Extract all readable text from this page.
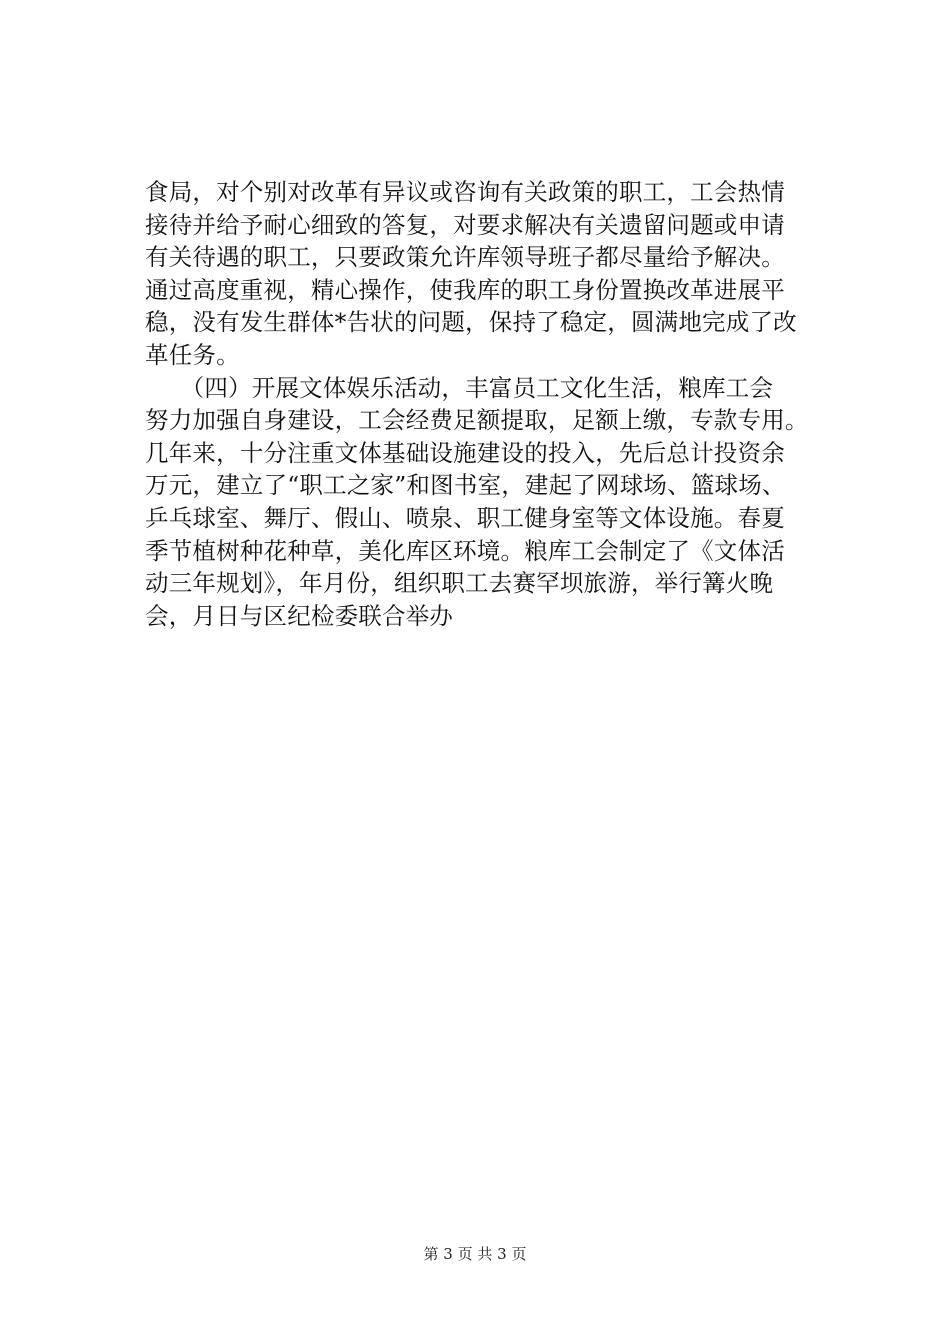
食局，对个别对改革有异议或咨询有关政策的职工，工会热情
接待并给予耐心细致的答复，对要求解决有关遗留问题或申请
有关待遇的职工，只要政策允许库领导班子都尽量给予解决。
通过高度重视，精心操作，使我库的职工身份置换改革进展平
稳，没有发生群体*告状的问题，保持了稳定，圆满地完成了改
革任务。
　　（四）开展文体娱乐活动，丰富员工文化生活，粮库工会
努力加强自身建设，工会经费足额提取，足额上缴，专款专用。
几年来，十分注重文体基础设施建设的投入，先后总计投资余
万元，建立了“职工之家”和图书室，建起了网球场、篮球场、
乒乓球室、舞厅、假山、喷泉、职工健身室等文体设施。春夏
季节植树种花种草，美化库区环境。粮库工会制定了《文体活
动三年规划》，年月份，组织职工去赛罕坝旅游，举行篝火晚
会，月日与区纪检委联合举办
第 3 页 共 3 页
